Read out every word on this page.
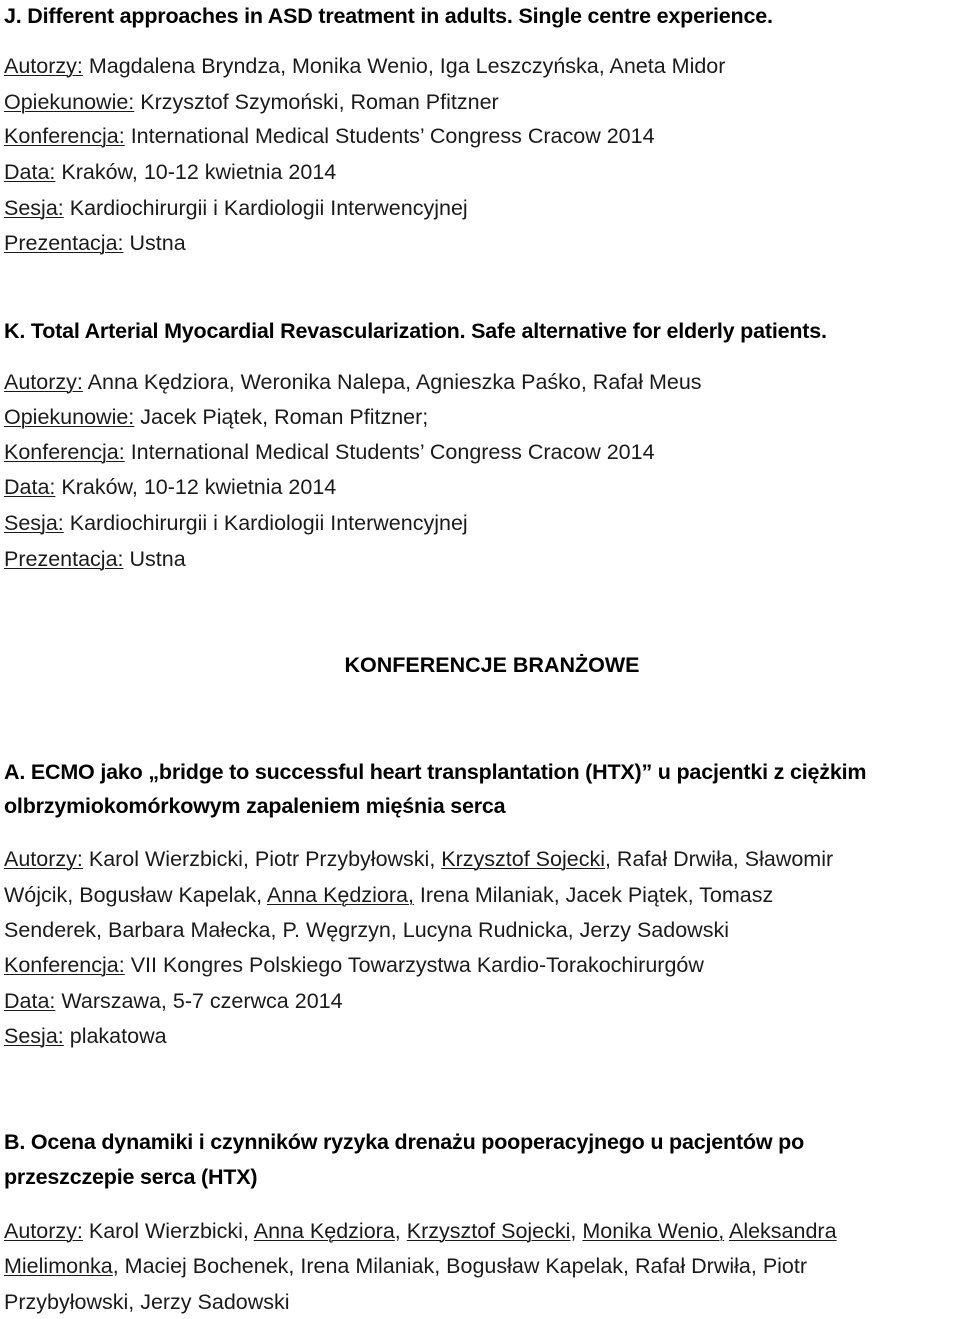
J. Different approaches in ASD treatment in adults. Single centre experience.
Autorzy: Magdalena Bryndza, Monika Wenio, Iga Leszczyńska, Aneta Midor
Opiekunowie: Krzysztof Szymoński, Roman Pfitzner
Konferencja: International Medical Students’ Congress Cracow 2014
Data: Kraków, 10-12 kwietnia 2014
Sesja: Kardiochirurgii i Kardiologii Interwencyjnej
Prezentacja: Ustna
K. Total Arterial Myocardial Revascularization. Safe alternative for elderly patients.
Autorzy: Anna Kędziora, Weronika Nalepa, Agnieszka Paśko, Rafał Meus
Opiekunowie: Jacek Piątek, Roman Pfitzner;
Konferencja: International Medical Students’ Congress Cracow 2014
Data: Kraków, 10-12 kwietnia 2014
Sesja: Kardiochirurgii i Kardiologii Interwencyjnej
Prezentacja: Ustna
KONFERENCJE BRANŻOWE
A. ECMO jako „bridge to successful heart transplantation (HTX)” u pacjentki z ciężkim
olbrzymiokomórkowym zapaleniem mięśnia serca
Autorzy: Karol Wierzbicki, Piotr Przybyłowski, Krzysztof Sojecki, Rafał Drwiła, Sławomir
Wójcik, Bogusław Kapelak, Anna Kędziora, Irena Milaniak, Jacek Piątek, Tomasz
Senderek, Barbara Małecka, P. Węgrzyn, Lucyna Rudnicka, Jerzy Sadowski
Konferencja: VII Kongres Polskiego Towarzystwa Kardio-Torakochirurgów
Data: Warszawa, 5-7 czerwca 2014
Sesja: plakatowa
B. Ocena dynamiki i czynników ryzyka drenażu pooperacyjnego u pacjentów po
przeszczepie serca (HTX)
Autorzy: Karol Wierzbicki, Anna Kędziora, Krzysztof Sojecki, Monika Wenio, Aleksandra
Mielimonka, Maciej Bochenek, Irena Milaniak, Bogusław Kapelak, Rafał Drwiła, Piotr
Przybyłowski, Jerzy Sadowski
